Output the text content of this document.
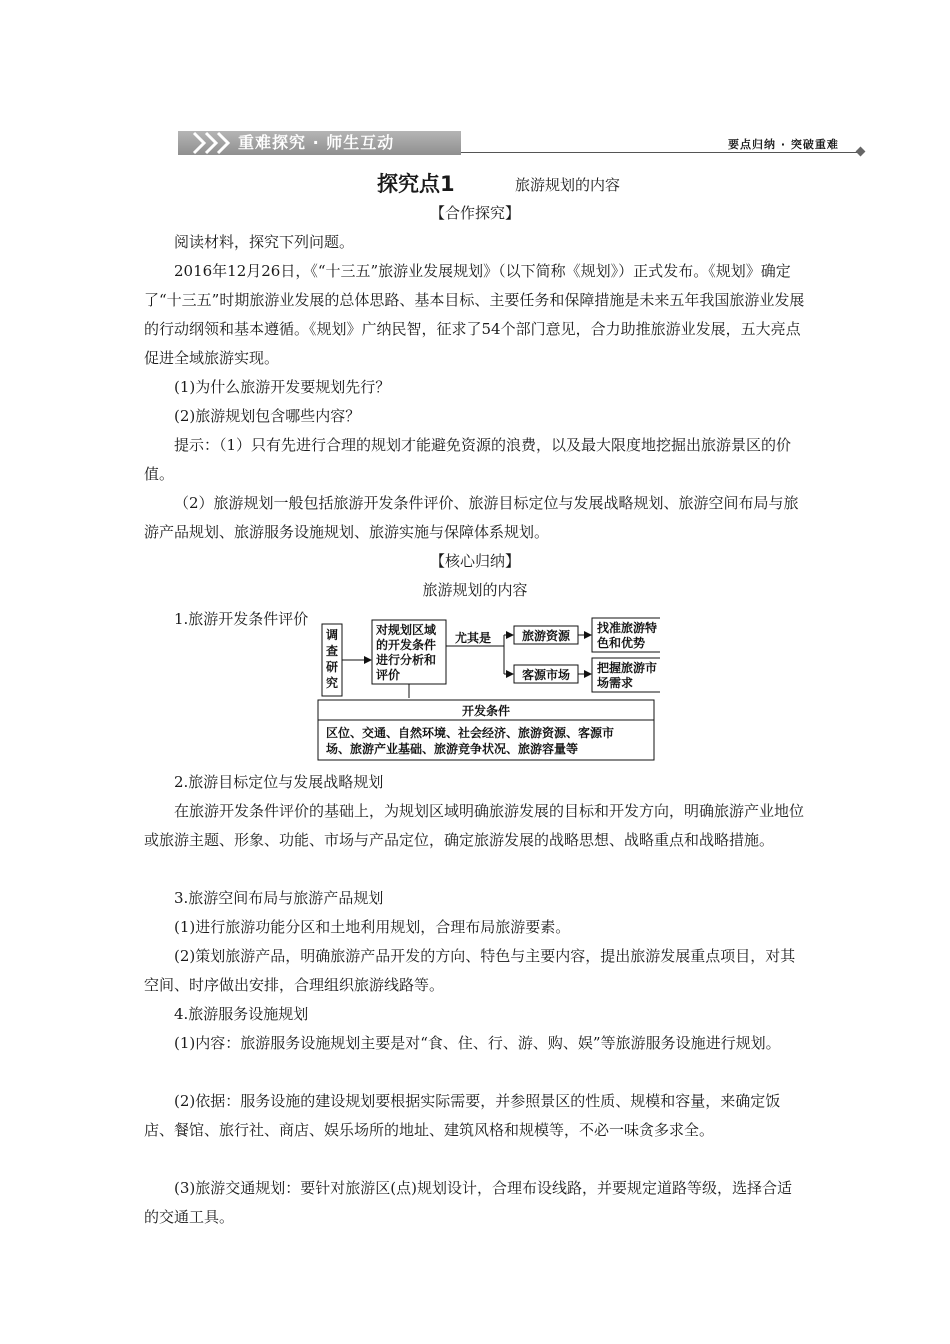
重难探究 · 师生互动	要点归纳 · 突破重难
探究点1	旅游规划的内容

【合作探究】

阅读材料，探究下列问题。

2016年12月26日，《“十三五”旅游业发展规划》（以下简称《规划》）正式发布。《规划》确定了“十三五”时期旅游业发展的总体思路、基本目标、主要任务和保障措施是未来五年我国旅游业发展的行动纲领和基本遵循。《规划》广纳民智，征求了54个部门意见，合力助推旅游业发展，五大亮点促进全域旅游实现。

(1)为什么旅游开发要规划先行？

(2)旅游规划包含哪些内容？

提示：（1）只有先进行合理的规划才能避免资源的浪费，以及最大限度地挖掘出旅游景区的价值。

（2）旅游规划一般包括旅游开发条件评价、旅游目标定位与发展战略规划、旅游空间布局与旅游产品规划、旅游服务设施规划、旅游实施与保障体系规划。

【核心归纳】

旅游规划的内容

1.旅游开发条件评价

调
查
研
究
对规划区域
的开发条件
进行分析和
评价
尤其是	旅游资源
客源市场
找准旅游特
色和优势
把握旅游市
场需求
开发条件
区位、交通、自然环境、社会经济、旅游资源、客源市
场、旅游产业基础、旅游竞争状况、旅游容量等

2.旅游目标定位与发展战略规划

在旅游开发条件评价的基础上，为规划区域明确旅游发展的目标和开发方向，明确旅游产业地位或旅游主题、形象、功能、市场与产品定位，确定旅游发展的战略思想、战略重点和战略措施。

3.旅游空间布局与旅游产品规划

(1)进行旅游功能分区和土地利用规划，合理布局旅游要素。

(2)策划旅游产品，明确旅游产品开发的方向、特色与主要内容，提出旅游发展重点项目，对其空间、时序做出安排，合理组织旅游线路等。

4.旅游服务设施规划

(1)内容：旅游服务设施规划主要是对“食、住、行、游、购、娱”等旅游服务设施进行规划。

(2)依据：服务设施的建设规划要根据实际需要，并参照景区的性质、规模和容量，来确定饭店、餐馆、旅行社、商店、娱乐场所的地址、建筑风格和规模等，不必一味贪多求全。

(3)旅游交通规划：要针对旅游区(点)规划设计，合理布设线路，并要规定道路等级，选择合适的交通工具。
